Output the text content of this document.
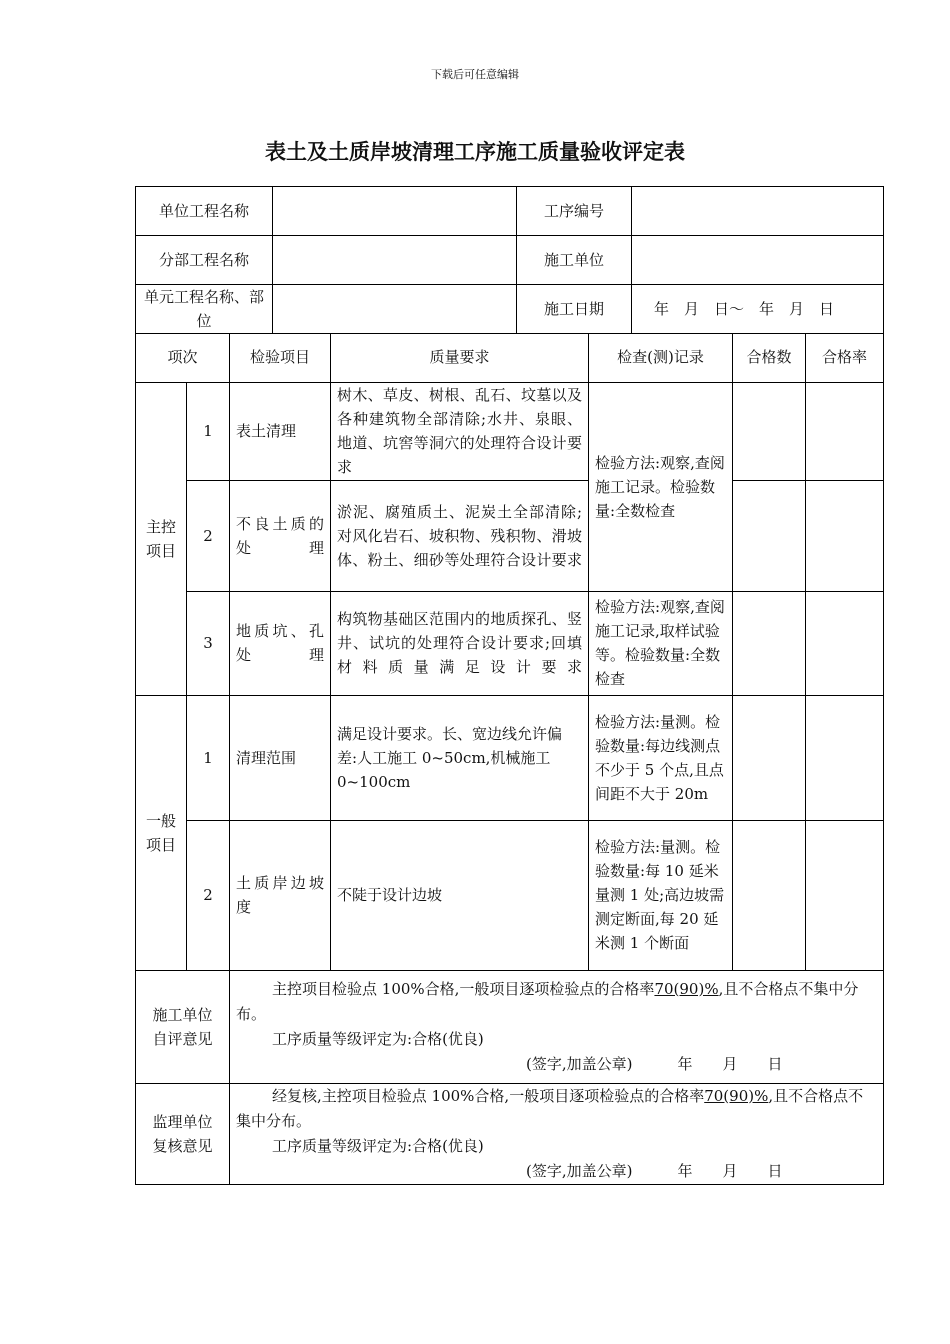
下载后可任意编辑
表土及土质岸坡清理工序施工质量验收评定表
单位工程名称		工序编号	
分部工程名称		施工单位	
单元工程名称、部位		施工日期	年　月　日～　年　月　日
项次		检验项目	质量要求	检查(测)记录	合格数	合格率
主控项目	1	表土清理	树木、草皮、树根、乱石、坟墓以及各种建筑物全部清除;水井、泉眼、地道、坑窖等洞穴的处理符合设计要求	检验方法:观察,查阅施工记录。检验数量:全数检查		
	2	不良土质的处理	淤泥、腐殖质土、泥炭土全部清除;对风化岩石、坡积物、残积物、滑坡体、粉土、细砂等处理符合设计要求			
	3	地质坑、孔处理	构筑物基础区范围内的地质探孔、竖井、试坑的处理符合设计要求;回填材料质量满足设计要求	检验方法:观察,查阅施工记录,取样试验等。检验数量:全数检查		
一般项目	1	清理范围	满足设计要求。长、宽边线允许偏差:人工施工 0~50cm,机械施工 0~100cm	检验方法:量测。检验数量:每边线测点不少于 5 个点,且点间距不大于 20m		
	2	土质岸边坡度	不陡于设计边坡	检验方法:量测。检验数量:每 10 延米量测 1 处;高边坡需测定断面,每 20 延米测 1 个断面		
施工单位自评意见		主控项目检验点 100%合格,一般项目逐项检验点的合格率70(90)%,且不合格点不集中分布。

工序质量等级评定为:合格(优良)

(签字,加盖公章)　　　年　　月　　日				

监理单位复核意见		经复核,主控项目检验点 100%合格,一般项目逐项检验点的合格率70(90)%,且不合格点不集中分布。

工序质量等级评定为:合格(优良)

(签字,加盖公章)　　　年　　月　　日				
